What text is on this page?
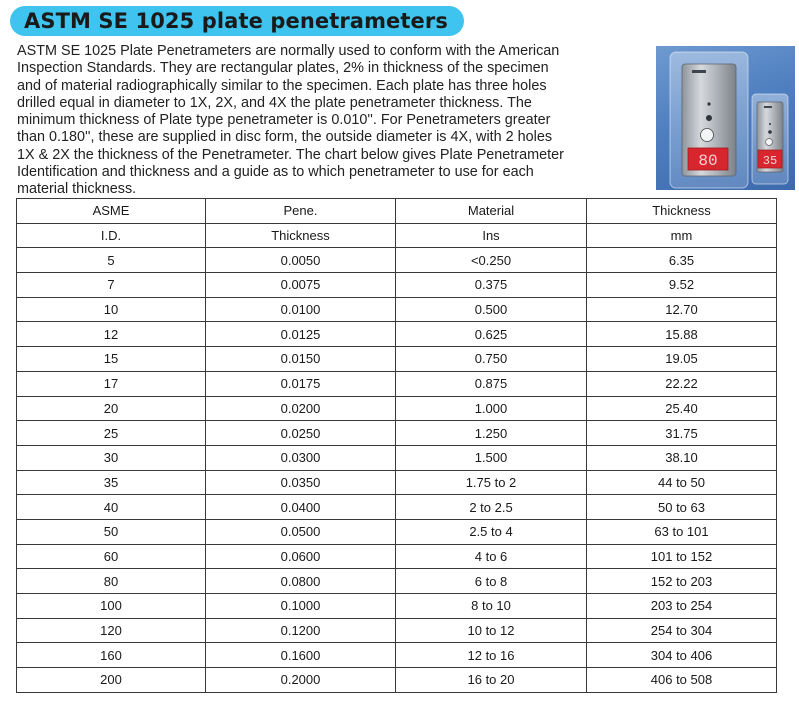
ASTM SE 1025 plate penetrameters
ASTM SE 1025 Plate Penetrameters are normally used to conform with the American
Inspection Standards. They are rectangular plates, 2% in thickness of the specimen
and of material radiographically similar to the specimen. Each plate has three holes
drilled equal in diameter to 1X, 2X, and 4X the plate penetrameter thickness. The
minimum thickness of Plate type penetrameter is 0.010''. For Penetrameters greater
than 0.180'', these are supplied in disc form, the outside diameter is 4X, with 2 holes
1X & 2X the thickness of the Penetrameter. The chart below gives Plate Penetrameter
Identification and thickness and a guide as to which penetrameter to use for each
material thickness.
80	35
ASME	Pene.	Material	Thickness
I.D.	Thickness	Ins	mm
5	0.0050	<0.250	6.35
7	0.0075	0.375	9.52
10	0.0100	0.500	12.70
12	0.0125	0.625	15.88
15	0.0150	0.750	19.05
17	0.0175	0.875	22.22
20	0.0200	1.000	25.40
25	0.0250	1.250	31.75
30	0.0300	1.500	38.10
35	0.0350	1.75 to 2	44 to 50
40	0.0400	2 to 2.5	50 to 63
50	0.0500	2.5 to 4	63 to 101
60	0.0600	4 to 6	101 to 152
80	0.0800	6 to 8	152 to 203
100	0.1000	8 to 10	203 to 254
120	0.1200	10 to 12	254 to 304
160	0.1600	12 to 16	304 to 406
200	0.2000	16 to 20	406 to 508
